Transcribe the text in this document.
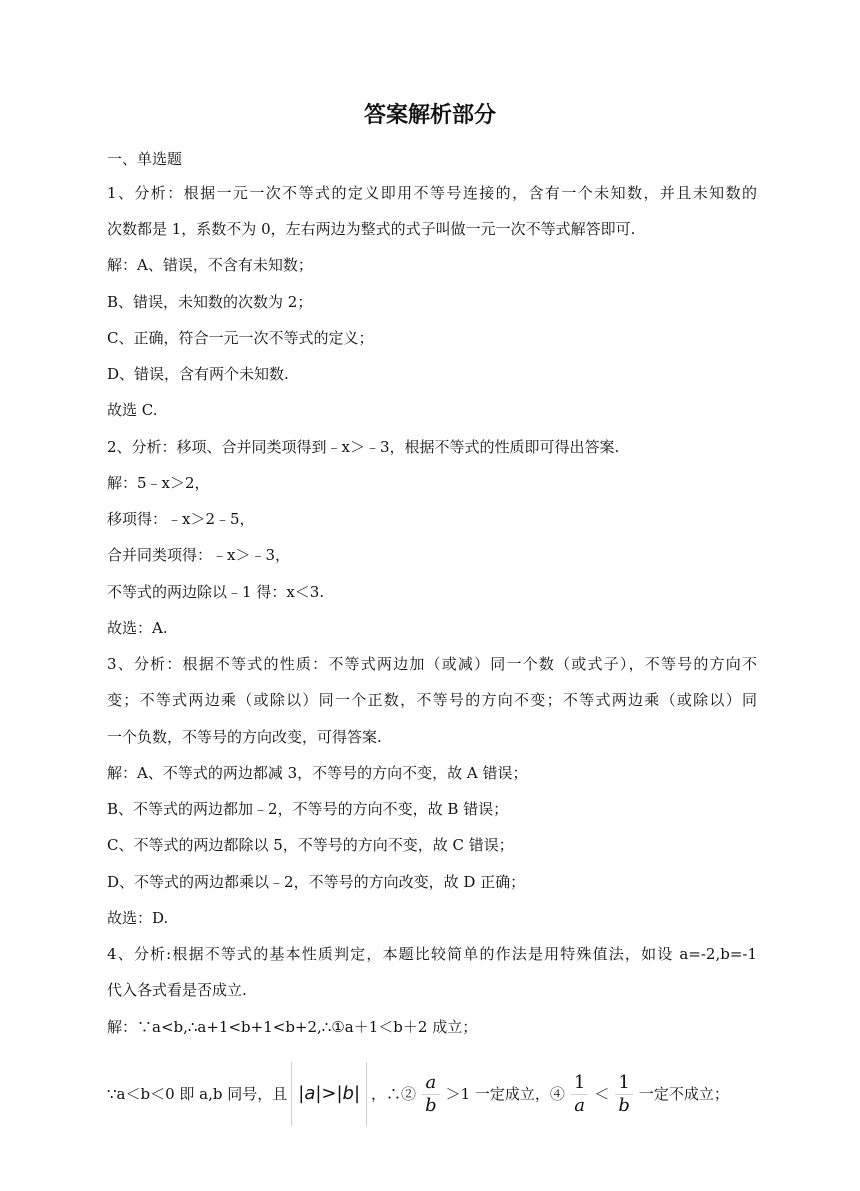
答案解析部分
一、单选题
1、分析：根据一元一次不等式的定义即用不等号连接的，含有一个未知数，并且未知数的
次数都是 1，系数不为 0，左右两边为整式的式子叫做一元一次不等式解答即可.
解：A、错误，不含有未知数；
B、错误，未知数的次数为 2；
C、正确，符合一元一次不等式的定义；
D、错误，含有两个未知数.
故选 C.
2、分析：移项、合并同类项得到﹣x＞﹣3，根据不等式的性质即可得出答案.
解：5﹣x＞2，
移项得：﹣x＞2﹣5，
合并同类项得：﹣x＞﹣3，
不等式的两边除以﹣1 得：x＜3.
故选：A.
3、分析：根据不等式的性质：不等式两边加（或减）同一个数（或式子），不等号的方向不
变；不等式两边乘（或除以）同一个正数，不等号的方向不变；不等式两边乘（或除以）同
一个负数，不等号的方向改变，可得答案.
解：A、不等式的两边都减 3，不等号的方向不变，故 A 错误；
B、不等式的两边都加﹣2，不等号的方向不变，故 B 错误；
C、不等式的两边都除以 5，不等号的方向不变，故 C 错误；
D、不等式的两边都乘以﹣2，不等号的方向改变，故 D 正确；
故选：D.
4、分析:根据不等式的基本性质判定，本题比较简单的作法是用特殊值法，如设 a=-2,b=-1
代入各式看是否成立.
解：∵a<b,∴a+1<b+1<b+2,∴①a＋1＜b＋2 成立；
∵a＜b＜0 即 a,b 同号，且 |a|>|b| ，∴② $\frac{a}{b} >1$ 一定成立，④ $\frac{1}{a} < \frac{1}{b}$ 一定不成立；
